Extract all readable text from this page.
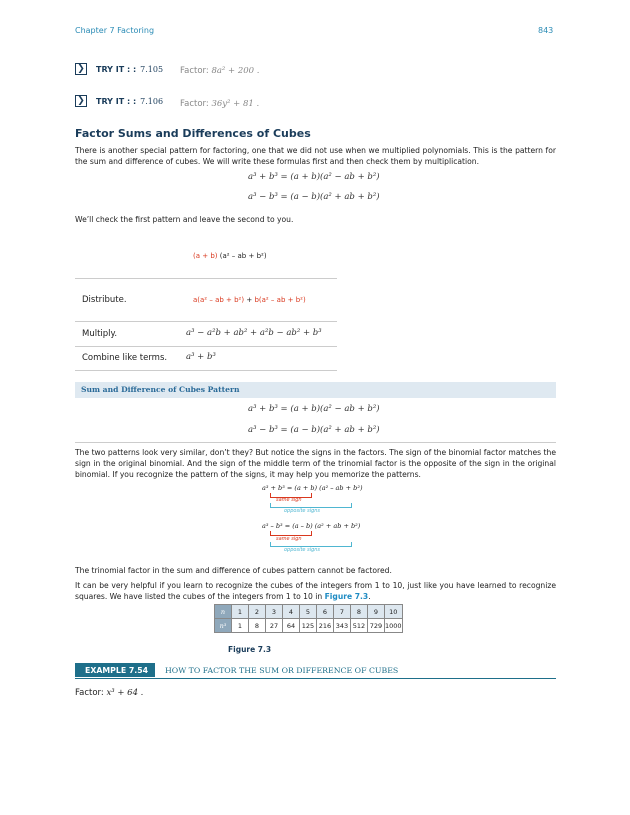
Chapter 7 Factoring	843
❯ TRY IT : : 7.105 Factor: 8a² + 200 .
❯ TRY IT : : 7.106 Factor: 36y² + 81 .
Factor Sums and Differences of Cubes

There is another special pattern for factoring, one that we did not use when we multiplied polynomials. This is the pattern for the sum and difference of cubes. We will write these formulas first and then check them by multiplication.

a³ + b³ = (a + b)(a² − ab + b²)
a³ − b³ = (a − b)(a² + ab + b²)
We’ll check the first pattern and leave the second to you.
(a + b) (a² – ab + b²)
Distribute.	a(a² – ab + b²) + b(a² – ab + b²)
Multiply.	a³ − a²b + ab² + a²b − ab² + b³
Combine like terms. a³ + b³
Sum and Difference of Cubes Pattern
a³ + b³ = (a + b)(a² − ab + b²)
a³ − b³ = (a − b)(a² + ab + b²)

The two patterns look very similar, don’t they? But notice the signs in the factors. The sign of the binomial factor matches the sign in the original binomial. And the sign of the middle term of the trinomial factor is the opposite of the sign in the original binomial. If you recognize the pattern of the signs, it may help you memorize the patterns.

a³ + b³ = (a + b) (a² – ab + b²)
same sign
opposite signs
a³ – b³ = (a – b) (a² + ab + b²)
same sign
opposite signs
The trinomial factor in the sum and difference of cubes pattern cannot be factored.

It can be very helpful if you learn to recognize the cubes of the integers from 1 to 10, just like you have learned to recognize squares. We have listed the cubes of the integers from 1 to 10 in Figure 7.3.

n	1	2	3	4	5	6	7	8	9	10
n³	1	8	27	64	125	216	343	512	729	1000
Figure 7.3
EXAMPLE 7.54	HOW TO FACTOR THE SUM OR DIFFERENCE OF CUBES
Factor: x³ + 64 .
